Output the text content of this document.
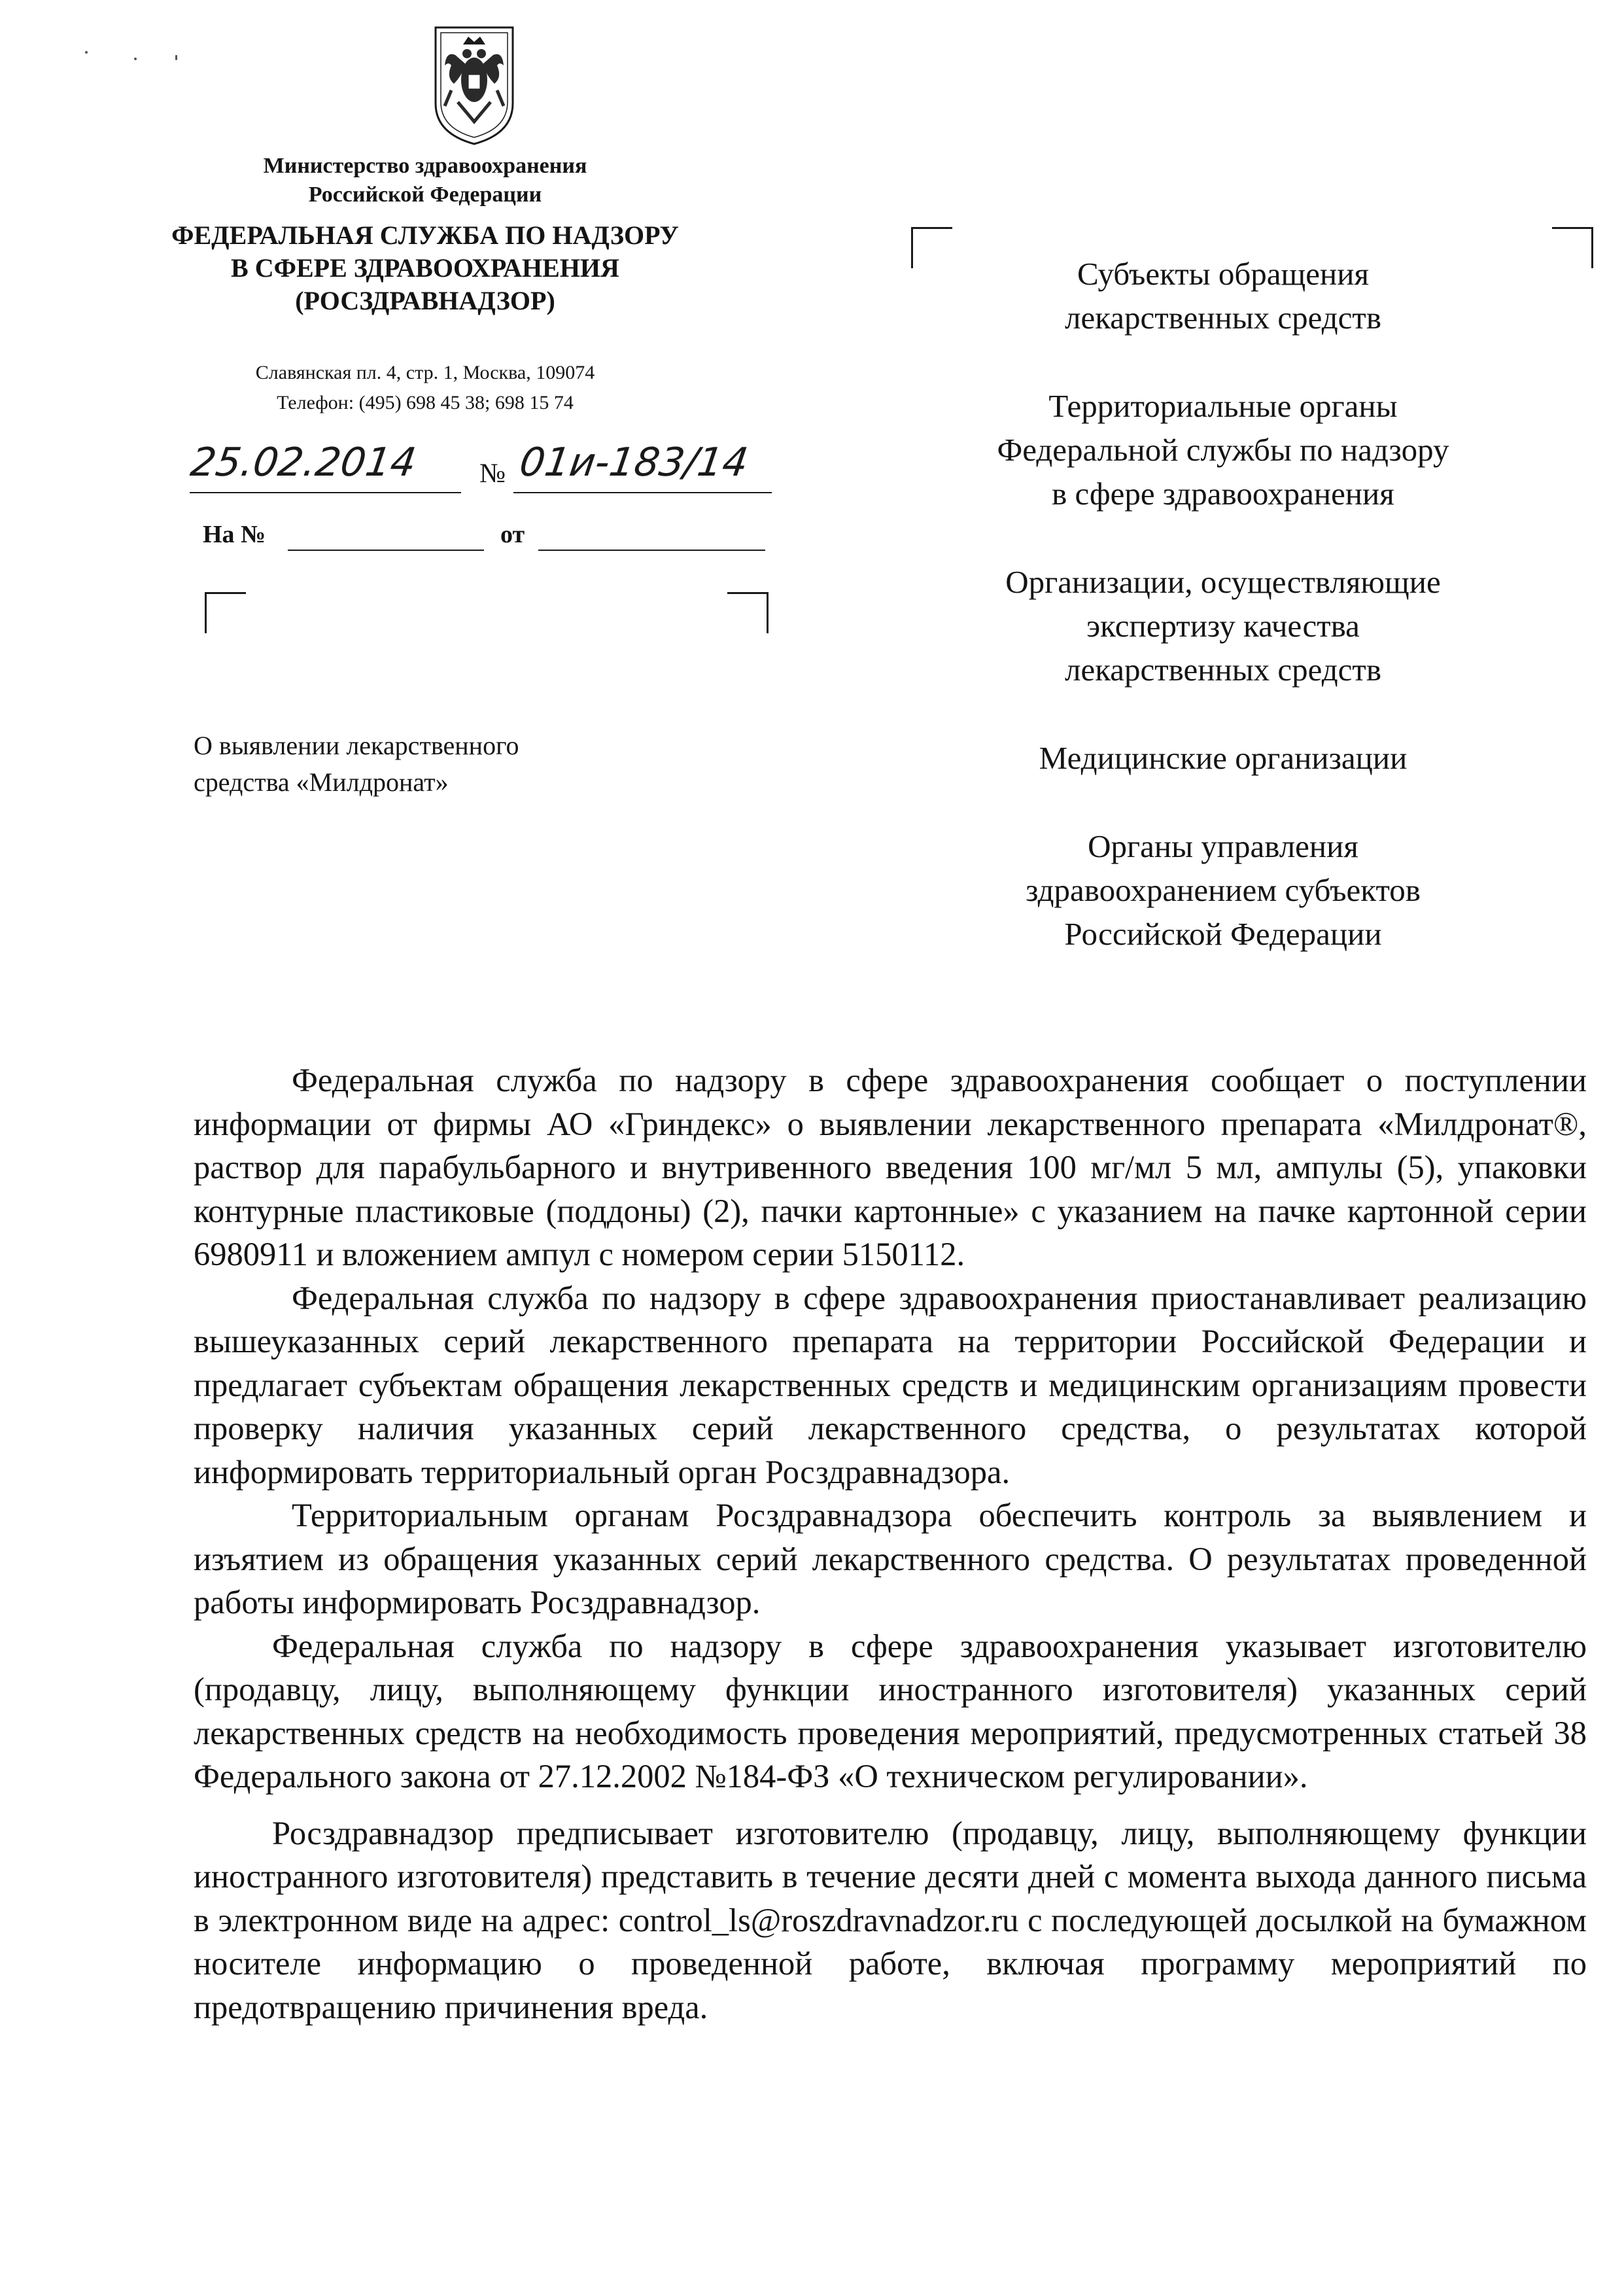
Министерство здравоохранения
Российской Федерации
ФЕДЕРАЛЬНАЯ СЛУЖБА ПО НАДЗОРУ
В СФЕРЕ ЗДРАВООХРАНЕНИЯ
(РОСЗДРАВНАДЗОР)
Славянская пл. 4, стр. 1, Москва, 109074
Телефон: (495) 698 45 38; 698 15 74
25.02.2014 № 01и-183/14
На №	от
О выявлении лекарственного
средства «Милдронат»

Субъекты обращения
лекарственных средств

Территориальные органы
Федеральной службы по надзору
в сфере здравоохранения

Организации, осуществляющие
экспертизу качества
лекарственных средств

Медицинские организации

Органы управления
здравоохранением субъектов
Российской Федерации

Федеральная служба по надзору в сфере здравоохранения сообщает о поступлении информации от фирмы АО «Гриндекс» о выявлении лекарственного препарата «Милдронат®, раствор для парабульбарного и внутривенного введения 100 мг/мл 5 мл, ампулы (5), упаковки контурные пластиковые (поддоны) (2), пачки картонные» с указанием на пачке картонной серии 6980911 и вложением ампул с номером серии 5150112.

Федеральная служба по надзору в сфере здравоохранения приостанавливает реализацию вышеуказанных серий лекарственного препарата на территории Российской Федерации и предлагает субъектам обращения лекарственных средств и медицинским организациям провести проверку наличия указанных серий лекарственного средства, о результатах которой информировать территориальный орган Росздравнадзора.

Территориальным органам Росздравнадзора обеспечить контроль за выявлением и изъятием из обращения указанных серий лекарственного средства. О результатах проведенной работы информировать Росздравнадзор.

Федеральная служба по надзору в сфере здравоохранения указывает изготовителю (продавцу, лицу, выполняющему функции иностранного изготовителя) указанных серий лекарственных средств на необходимость проведения мероприятий, предусмотренных статьей 38 Федерального закона от 27.12.2002 №184-ФЗ «О техническом регулировании».

Росздравнадзор предписывает изготовителю (продавцу, лицу, выполняющему функции иностранного изготовителя) представить в течение десяти дней с момента выхода данного письма в электронном виде на адрес: control_ls@roszdravnadzor.ru с последующей досылкой на бумажном носителе информацию о проведенной работе, включая программу мероприятий по предотвращению причинения вреда.
